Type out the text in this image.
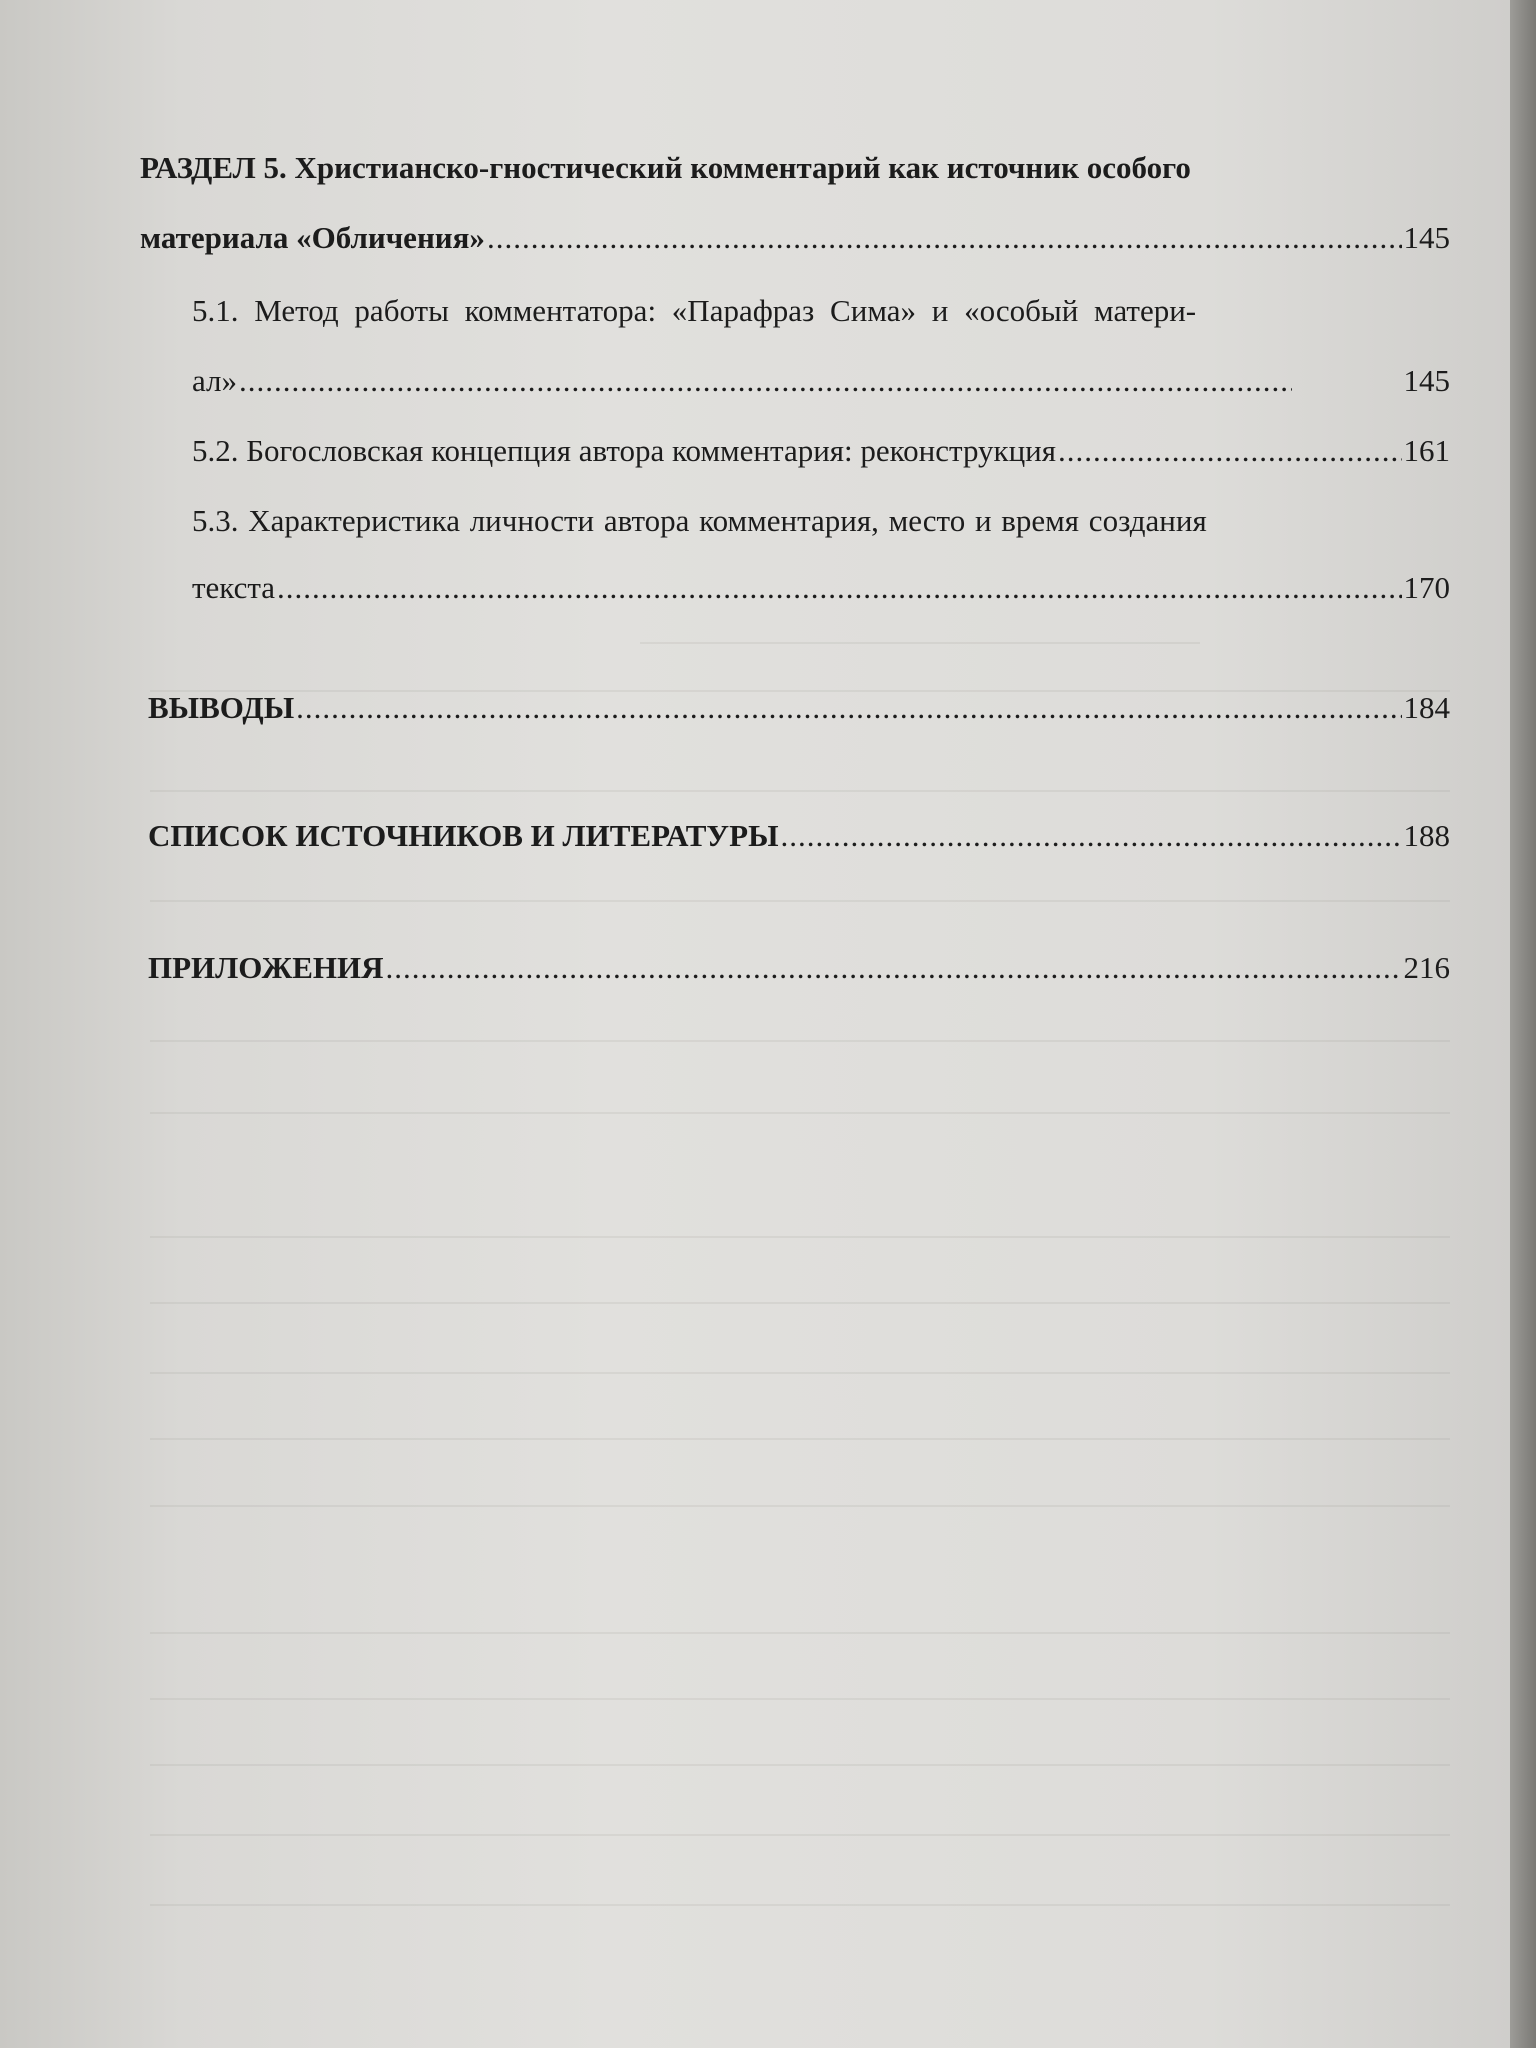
РАЗДЕЛ 5. Христианско-гностический комментарий как источник особого
материала «Обличения» .....	145
5.1. Метод работы комментатора: «Парафраз Сима» и «особый матери-
ал» .....	145
5.2. Богословская концепция автора комментария: реконструкция .....	161
5.3. Характеристика личности автора комментария, место и время создания
текста .....	170
ВЫВОДЫ .....	184
СПИСОК ИСТОЧНИКОВ И ЛИТЕРАТУРЫ .....	188
ПРИЛОЖЕНИЯ .....	216
